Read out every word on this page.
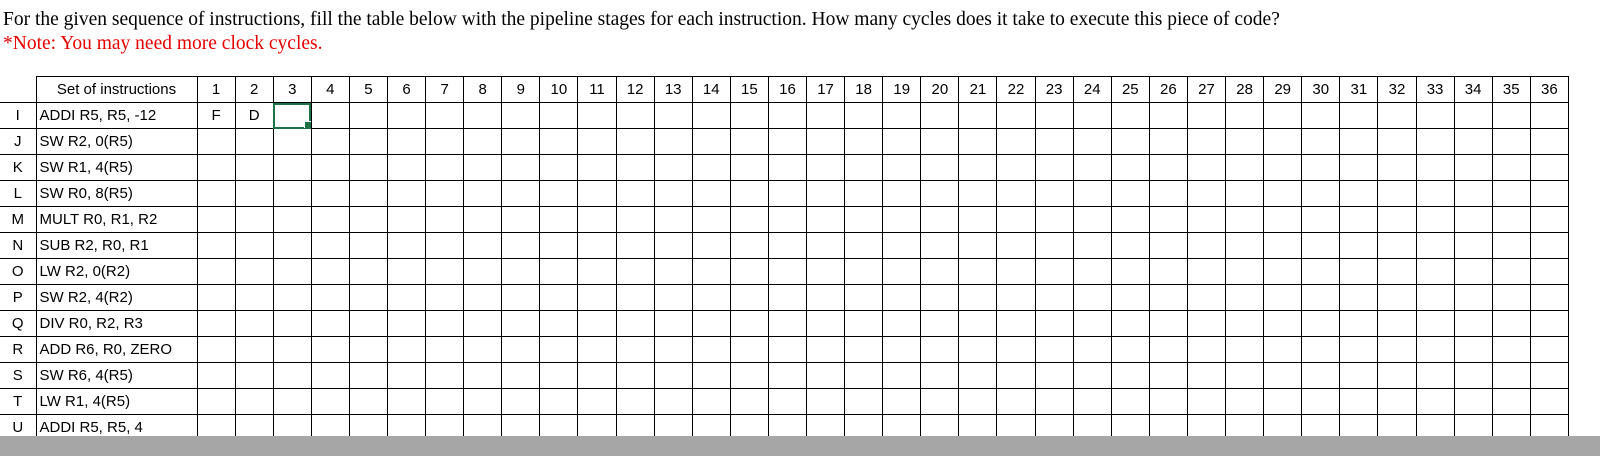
For the given sequence of instructions, fill the table below with the pipeline stages for each instruction. How many cycles does it take to execute this piece of code?
*Note: You may need more clock cycles.
	Set of instructions	1	2	3	4	5	6	7	8	9	10	11	12	13	14	15	16	17	18	19	20	21	22	23	24	25	26	27	28	29	30	31	32	33	34	35	36
I	ADDI R5, R5, -12	F	D	

J	SW R2, 0(R5)																																				
K	SW R1, 4(R5)																																				
L	SW R0, 8(R5)																																				
M	MULT R0, R1, R2																																				
N	SUB R2, R0, R1																																				
O	LW R2, 0(R2)																																				
P	SW R2, 4(R2)																																				
Q	DIV R0, R2, R3																																				
R	ADD R6, R0, ZERO																																				
S	SW R6, 4(R5)																																				
T	LW R1, 4(R5)																																				
U	ADDI R5, R5, 4																																				
